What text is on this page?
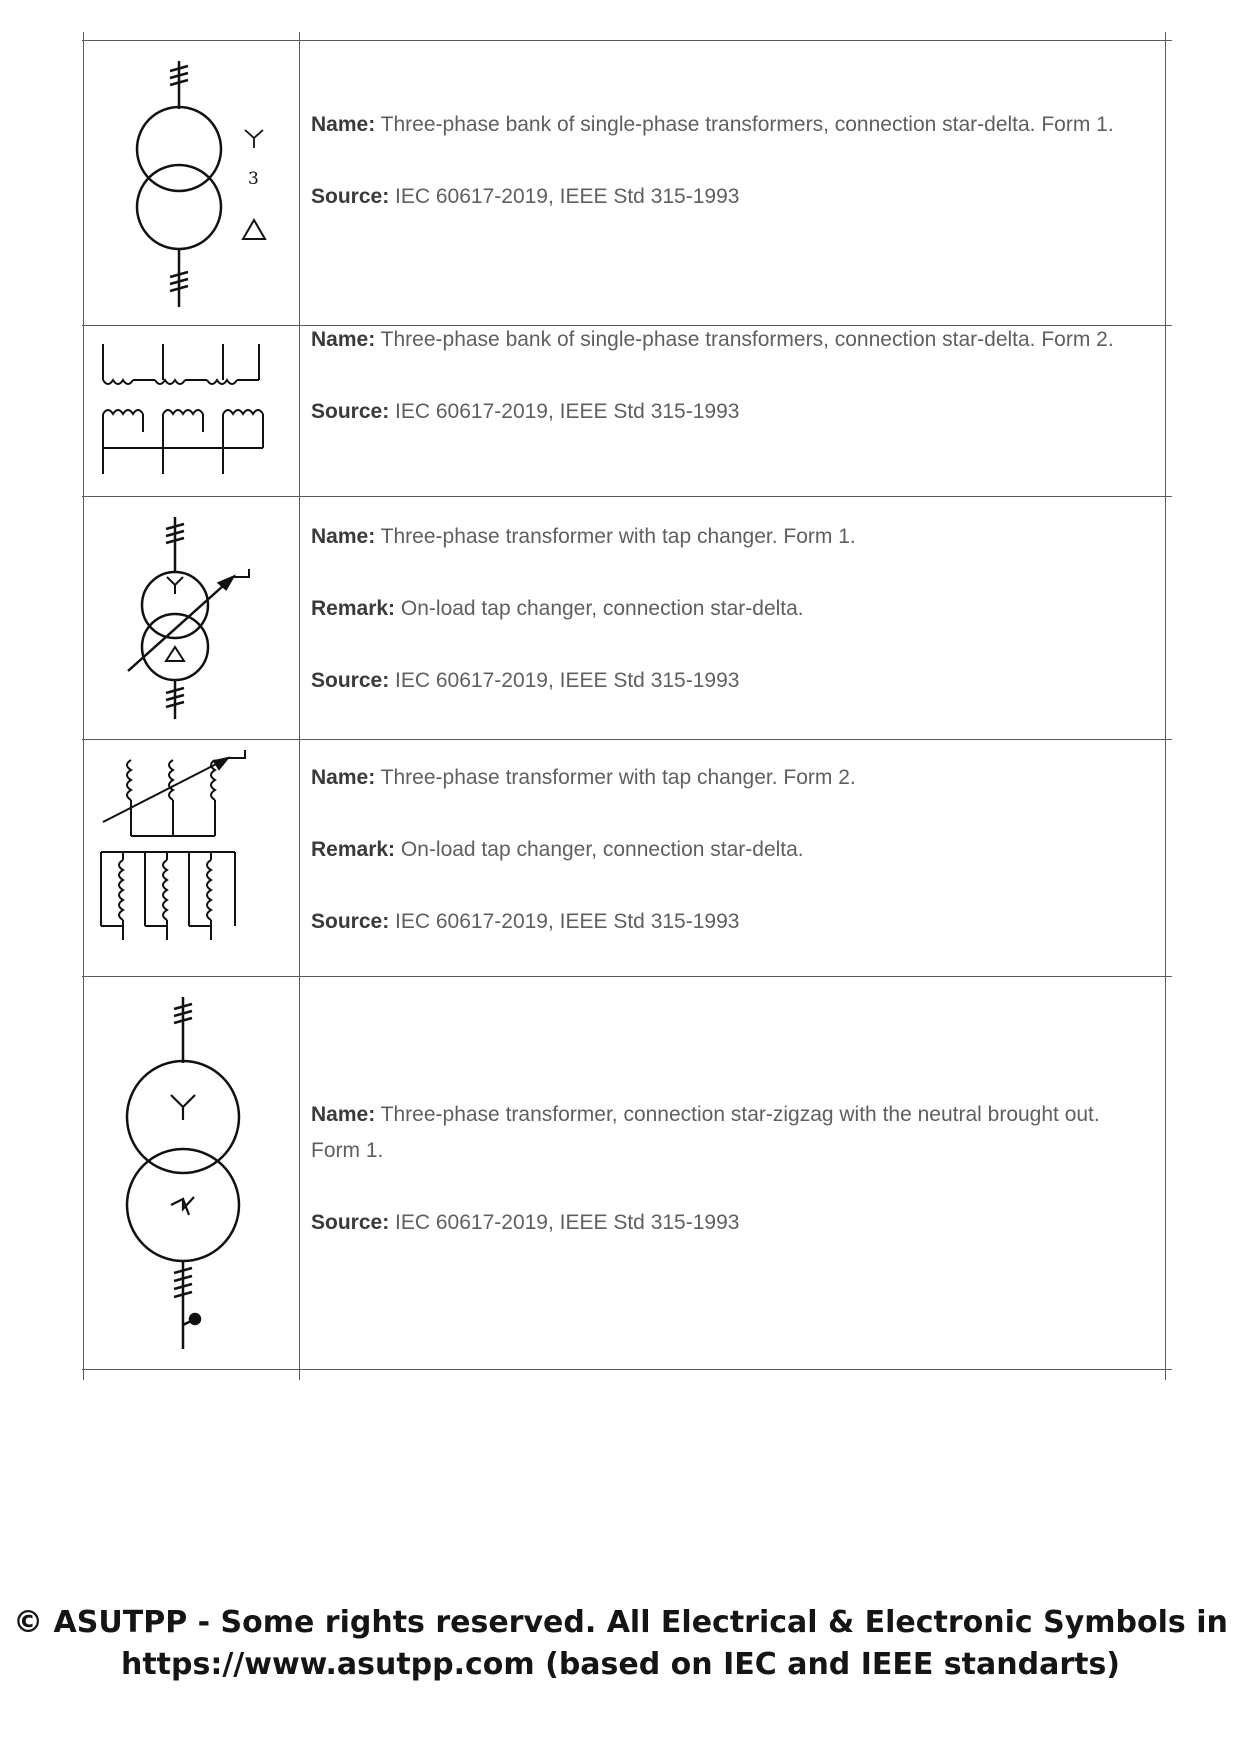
3

Name: Three-phase bank of single-phase transformers, connection star-delta. Form 1.

Source: IEC 60617-2019, IEEE Std 315-1993

Name: Three-phase bank of single-phase transformers, connection star-delta. Form 2.

Source: IEC 60617-2019, IEEE Std 315-1993

Name: Three-phase transformer with tap changer. Form 1.

Remark: On-load tap changer, connection star-delta.

Source: IEC 60617-2019, IEEE Std 315-1993

Name: Three-phase transformer with tap changer. Form 2.

Remark: On-load tap changer, connection star-delta.

Source: IEC 60617-2019, IEEE Std 315-1993

Name: Three-phase transformer, connection star-zigzag with the neutral brought out. Form 1.

Source: IEC 60617-2019, IEEE Std 315-1993

© ASUTPP - Some rights reserved. All Electrical & Electronic Symbols in
https://www.asutpp.com (based on IEC and IEEE standarts)
